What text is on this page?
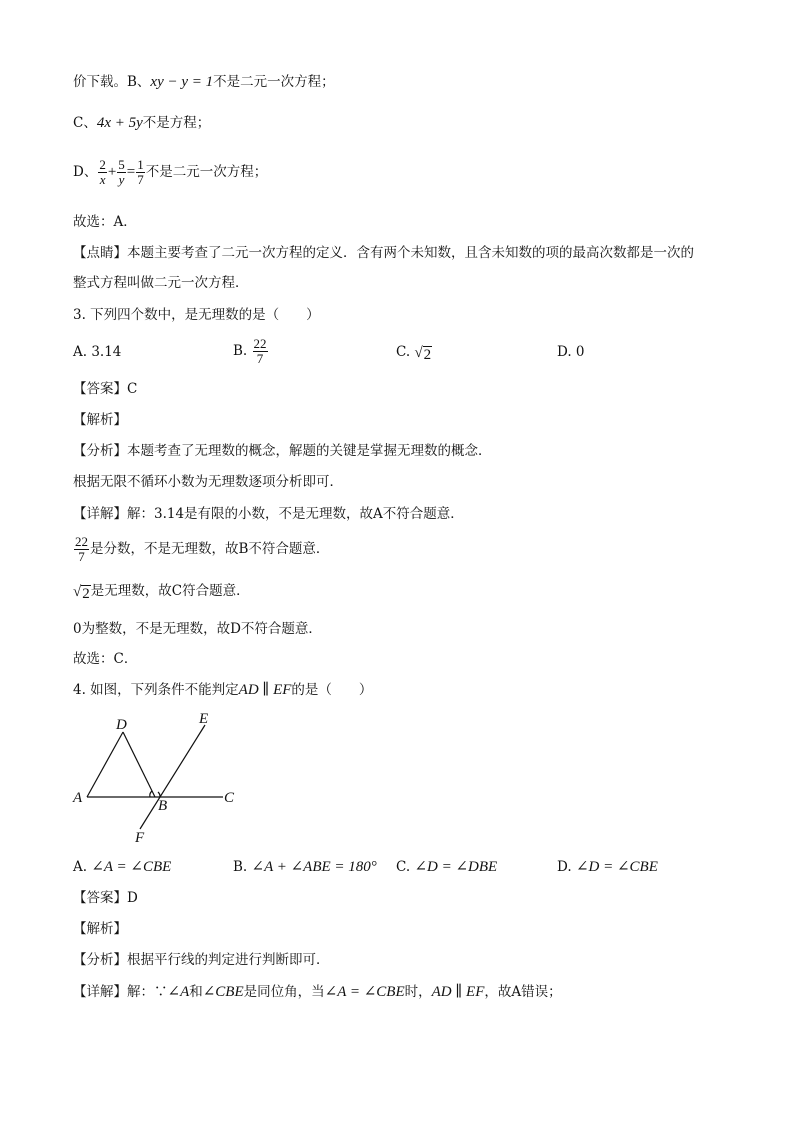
价下载。B、xy − y = 1不是二元一次方程；
C、4x + 5y不是方程；
D、 $\frac{2}{x} + \frac{5}{y} = \frac{1}{7}$ 不是二元一次方程；
故选：A．
【点睛】本题主要考查了二元一次方程的定义．含有两个未知数，且含未知数的项的最高次数都是一次的
整式方程叫做二元一次方程．
3. 下列四个数中，是无理数的是（　　）
A. 3.14	B. $\frac{22}{7}$	C. √ 2	D. 0
【答案】C
【解析】
【分析】本题考查了无理数的概念，解题的关键是掌握无理数的概念．
根据无限不循环小数为无理数逐项分析即可．
【详解】解：3.14是有限的小数，不是无理数，故A不符合题意．
$\frac{22}{7}$ 是分数，不是无理数，故B不符合题意．
√ 2 是无理数，故C符合题意．
0为整数，不是无理数，故D不符合题意．
故选：C．
4. 如图，下列条件不能判定AD ∥ EF的是（　　）
D	E
A	B	C
F
A. ∠A = ∠CBE	B. ∠A + ∠ABE = 180° C. ∠D = ∠DBE	D. ∠D = ∠CBE
【答案】D
【解析】
【分析】根据平行线的判定进行判断即可．
【详解】解：∵∠A和∠CBE是同位角，当∠A = ∠CBE时，AD ∥ EF，故A错误；
